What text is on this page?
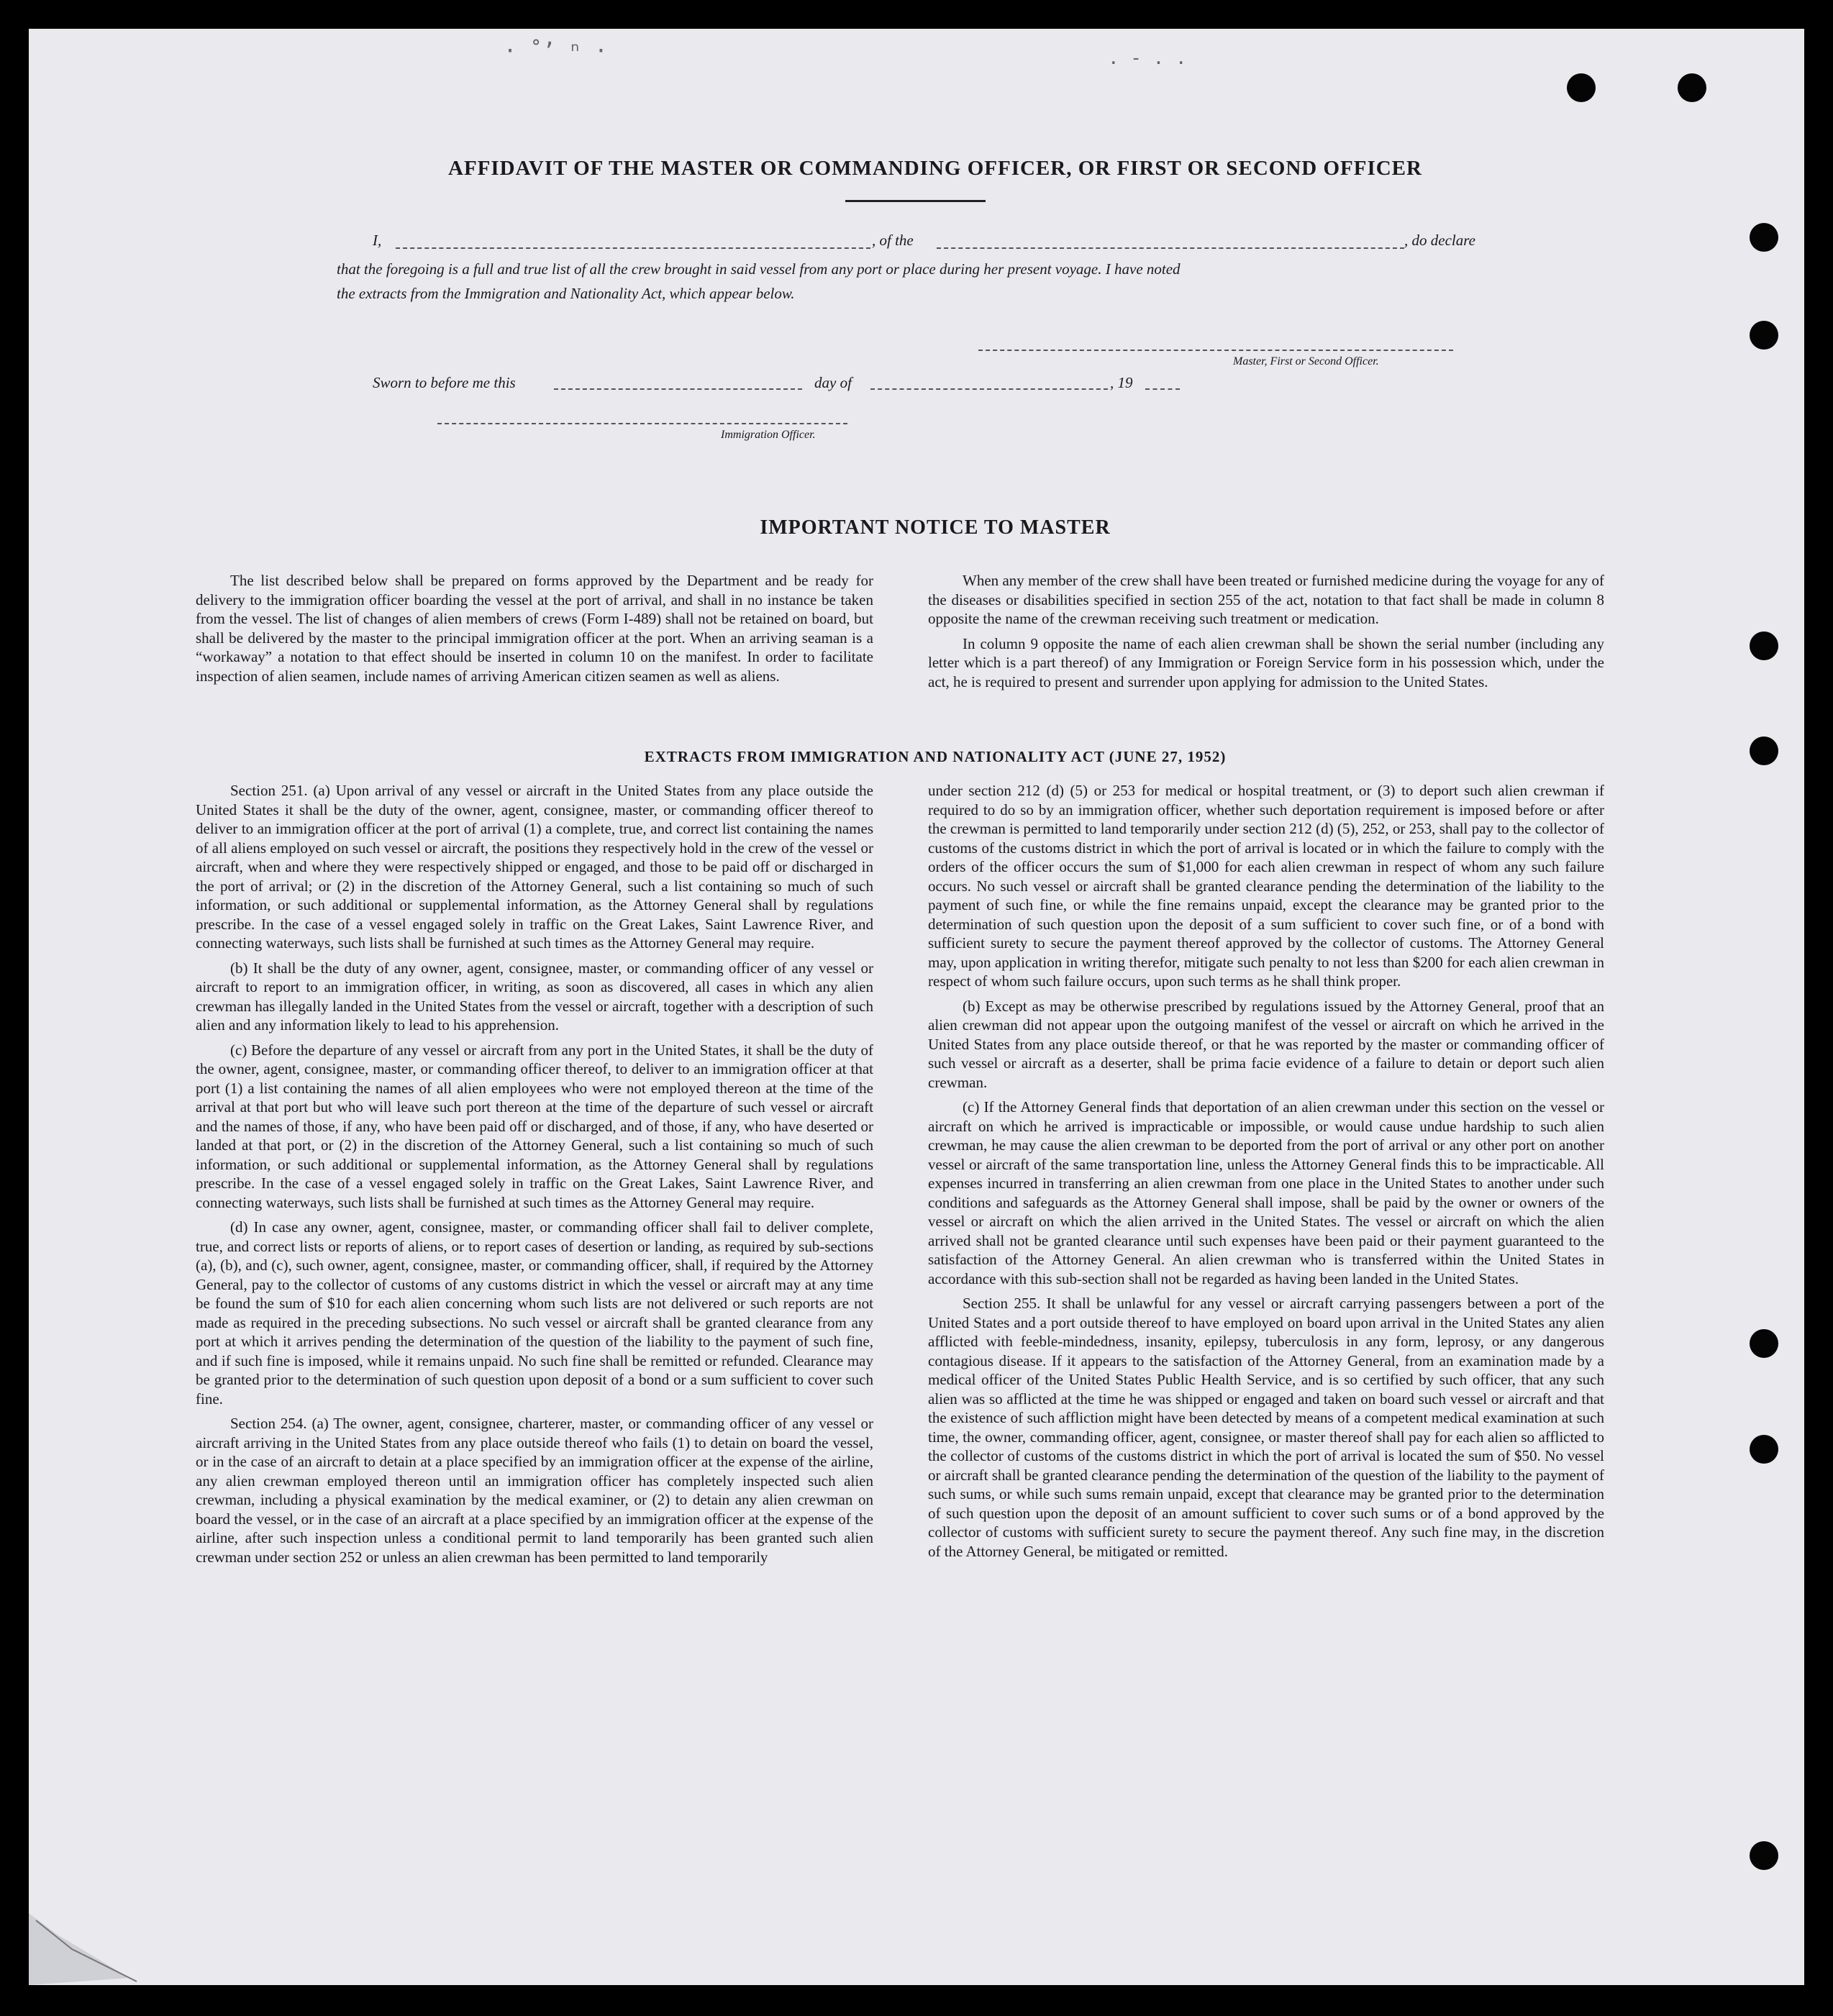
AFFIDAVIT OF THE MASTER OR COMMANDING OFFICER, OR FIRST OR SECOND OFFICER
I,	, of the	, do declare
that the foregoing is a full and true list of all the crew brought in said vessel from any port or place during her present voyage. I have noted
the extracts from the Immigration and Nationality Act, which appear below.
Master, First or Second Officer.
Sworn to before me this	day of	, 19
Immigration Officer.
IMPORTANT NOTICE TO MASTER

The list described below shall be prepared on forms approved by the Department and be ready for delivery to the immigration officer boarding the vessel at the port of arrival, and shall in no instance be taken from the vessel. The list of changes of alien members of crews (Form I-489) shall not be retained on board, but shall be delivered by the master to the principal immigration officer at the port. When an arriving seaman is a “workaway” a notation to that effect should be inserted in column 10 on the manifest. In order to facilitate inspection of alien seamen, include names of arriving American citizen seamen as well as aliens.

When any member of the crew shall have been treated or furnished medicine during the voyage for any of the diseases or disabilities specified in section 255 of the act, notation to that fact shall be made in column 8 opposite the name of the crewman receiving such treatment or medication.

In column 9 opposite the name of each alien crewman shall be shown the serial number (including any letter which is a part thereof) of any Immigration or Foreign Service form in his possession which, under the act, he is required to present and surrender upon applying for admission to the United States.

EXTRACTS FROM IMMIGRATION AND NATIONALITY ACT (JUNE 27, 1952)

Section 251. (a) Upon arrival of any vessel or aircraft in the United States from any place outside the United States it shall be the duty of the owner, agent, consignee, master, or commanding officer thereof to deliver to an immigration officer at the port of arrival (1) a complete, true, and correct list containing the names of all aliens employed on such vessel or aircraft, the positions they respectively hold in the crew of the vessel or aircraft, when and where they were respectively shipped or engaged, and those to be paid off or discharged in the port of arrival; or (2) in the discretion of the Attorney General, such a list containing so much of such information, or such additional or supplemental information, as the Attorney General shall by regulations prescribe. In the case of a vessel engaged solely in traffic on the Great Lakes, Saint Lawrence River, and connecting waterways, such lists shall be furnished at such times as the Attorney General may require.

(b) It shall be the duty of any owner, agent, consignee, master, or commanding officer of any vessel or aircraft to report to an immigration officer, in writing, as soon as discovered, all cases in which any alien crewman has illegally landed in the United States from the vessel or aircraft, together with a description of such alien and any information likely to lead to his apprehension.

(c) Before the departure of any vessel or aircraft from any port in the United States, it shall be the duty of the owner, agent, consignee, master, or commanding officer thereof, to deliver to an immigration officer at that port (1) a list containing the names of all alien employees who were not employed thereon at the time of the arrival at that port but who will leave such port thereon at the time of the departure of such vessel or aircraft and the names of those, if any, who have been paid off or discharged, and of those, if any, who have deserted or landed at that port, or (2) in the discretion of the Attorney General, such a list containing so much of such information, or such additional or supplemental information, as the Attorney General shall by regulations prescribe. In the case of a vessel engaged solely in traffic on the Great Lakes, Saint Lawrence River, and connecting waterways, such lists shall be furnished at such times as the Attorney General may require.

(d) In case any owner, agent, consignee, master, or commanding officer shall fail to deliver complete, true, and correct lists or reports of aliens, or to report cases of desertion or landing, as required by sub-sections (a), (b), and (c), such owner, agent, consignee, master, or commanding officer, shall, if required by the Attorney General, pay to the collector of customs of any customs district in which the vessel or aircraft may at any time be found the sum of $10 for each alien concerning whom such lists are not delivered or such reports are not made as required in the preceding subsections. No such vessel or aircraft shall be granted clearance from any port at which it arrives pending the determination of the question of the liability to the payment of such fine, and if such fine is imposed, while it remains unpaid. No such fine shall be remitted or refunded. Clearance may be granted prior to the determination of such question upon deposit of a bond or a sum sufficient to cover such fine.

Section 254. (a) The owner, agent, consignee, charterer, master, or commanding officer of any vessel or aircraft arriving in the United States from any place outside thereof who fails (1) to detain on board the vessel, or in the case of an aircraft to detain at a place specified by an immigration officer at the expense of the airline, any alien crewman employed thereon until an immigration officer has completely inspected such alien crewman, including a physical examination by the medical examiner, or (2) to detain any alien crewman on board the vessel, or in the case of an aircraft at a place specified by an immigration officer at the expense of the airline, after such inspection unless a conditional permit to land temporarily has been granted such alien crewman under section 252 or unless an alien crewman has been permitted to land temporarily

under section 212 (d) (5) or 253 for medical or hospital treatment, or (3) to deport such alien crewman if required to do so by an immigration officer, whether such deportation requirement is imposed before or after the crewman is permitted to land temporarily under section 212 (d) (5), 252, or 253, shall pay to the collector of customs of the customs district in which the port of arrival is located or in which the failure to comply with the orders of the officer occurs the sum of $1,000 for each alien crewman in respect of whom any such failure occurs. No such vessel or aircraft shall be granted clearance pending the determination of the liability to the payment of such fine, or while the fine remains unpaid, except the clearance may be granted prior to the determination of such question upon the deposit of a sum sufficient to cover such fine, or of a bond with sufficient surety to secure the payment thereof approved by the collector of customs. The Attorney General may, upon application in writing therefor, mitigate such penalty to not less than $200 for each alien crewman in respect of whom such failure occurs, upon such terms as he shall think proper.

(b) Except as may be otherwise prescribed by regulations issued by the Attorney General, proof that an alien crewman did not appear upon the outgoing manifest of the vessel or aircraft on which he arrived in the United States from any place outside thereof, or that he was reported by the master or commanding officer of such vessel or aircraft as a deserter, shall be prima facie evidence of a failure to detain or deport such alien crewman.

(c) If the Attorney General finds that deportation of an alien crewman under this section on the vessel or aircraft on which he arrived is impracticable or impossible, or would cause undue hardship to such alien crewman, he may cause the alien crewman to be deported from the port of arrival or any other port on another vessel or aircraft of the same transportation line, unless the Attorney General finds this to be impracticable. All expenses incurred in transferring an alien crewman from one place in the United States to another under such conditions and safeguards as the Attorney General shall impose, shall be paid by the owner or owners of the vessel or aircraft on which the alien arrived in the United States. The vessel or aircraft on which the alien arrived shall not be granted clearance until such expenses have been paid or their payment guaranteed to the satisfaction of the Attorney General. An alien crewman who is transferred within the United States in accordance with this sub-section shall not be regarded as having been landed in the United States.

Section 255. It shall be unlawful for any vessel or aircraft carrying passengers between a port of the United States and a port outside thereof to have employed on board upon arrival in the United States any alien afflicted with feeble-mindedness, insanity, epilepsy, tuberculosis in any form, leprosy, or any dangerous contagious disease. If it appears to the satisfaction of the Attorney General, from an examination made by a medical officer of the United States Public Health Service, and is so certified by such officer, that any such alien was so afflicted at the time he was shipped or engaged and taken on board such vessel or aircraft and that the existence of such affliction might have been detected by means of a competent medical examination at such time, the owner, commanding officer, agent, consignee, or master thereof shall pay for each alien so afflicted to the collector of customs of the customs district in which the port of arrival is located the sum of $50. No vessel or aircraft shall be granted clearance pending the determination of the question of the liability to the payment of such sums, or while such sums remain unpaid, except that clearance may be granted prior to the determination of such question upon the deposit of an amount sufficient to cover such sums or of a bond approved by the collector of customs with sufficient surety to secure the payment thereof. Any such fine may, in the discretion of the Attorney General, be mitigated or remitted.

· ˚ʼ ⁿ ·	. - . .
